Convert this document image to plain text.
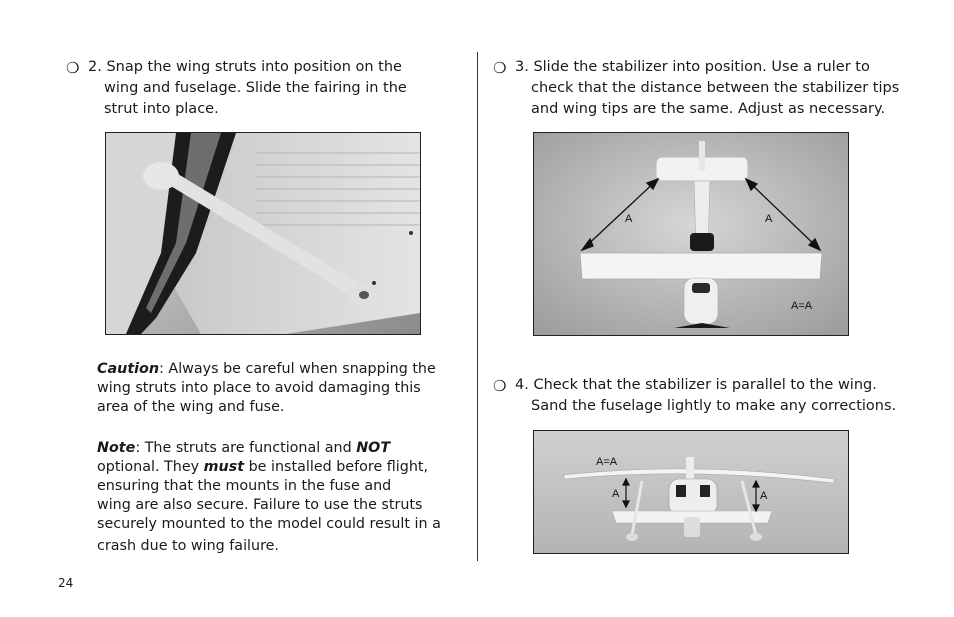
❍ 2. Snap the wing struts into position on the
wing and fuselage. Slide the fairing in the
strut into place.
Caution: Always be careful when snapping the
wing struts into place to avoid damaging this
area of the wing and fuse.
Note: The struts are functional and NOT
optional. They must be installed before flight,
ensuring that the mounts in the fuse and
wing are also secure. Failure to use the struts
securely mounted to the model could result in a
crash due to wing failure.
❍ 3. Slide the stabilizer into position. Use a ruler to
check that the distance between the stabilizer tips
and wing tips are the same. Adjust as necessary.
A	A
A=A
❍ 4. Check that the stabilizer is parallel to the wing.
Sand the fuselage lightly to make any corrections.
A=A
A	A
24
